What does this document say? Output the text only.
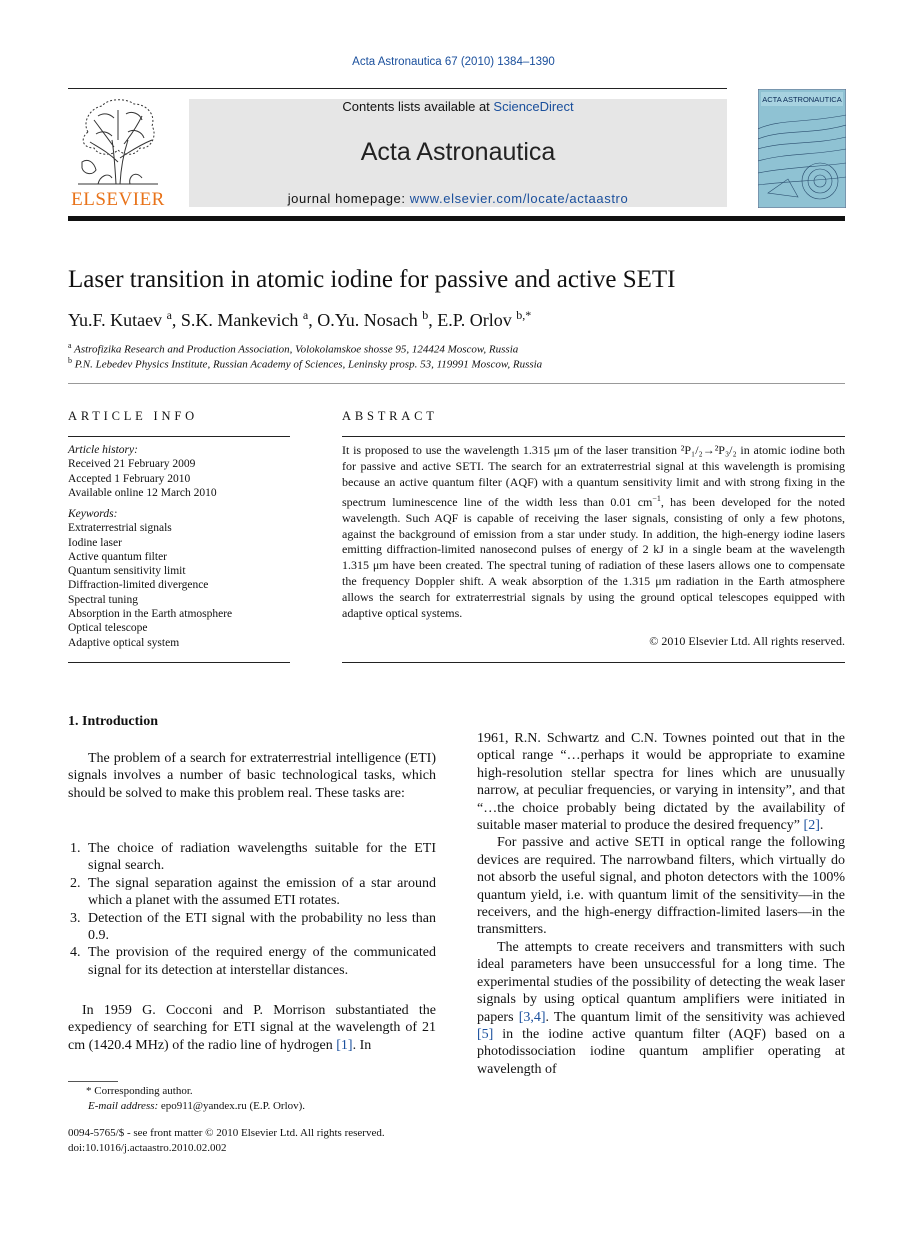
Acta Astronautica 67 (2010) 1384–1390
Contents lists available at ScienceDirect
Acta Astronautica
journal homepage: www.elsevier.com/locate/actaastro
ELSEVIER
ACTA ASTRONAUTICA
Laser transition in atomic iodine for passive and active SETI
Yu.F. Kutaev $^a$, S.K. Mankevich $^a$, O.Yu. Nosach $^b$, E.P. Orlov $^{b,*}$
$^a$ Astrofizika Research and Production Association, Volokolamskoe shosse 95, 124424 Moscow, Russia
$^b$ P.N. Lebedev Physics Institute, Russian Academy of Sciences, Leninsky prosp. 53, 119991 Moscow, Russia
ARTICLE INFO
Article history:
Received 21 February 2009
Accepted 1 February 2010
Available online 12 March 2010
Keywords:
Extraterrestrial signals
Iodine laser
Active quantum filter
Quantum sensitivity limit
Diffraction-limited divergence
Spectral tuning
Absorption in the Earth atmosphere
Optical telescope
Adaptive optical system
ABSTRACT
It is proposed to use the wavelength 1.315 μm of the laser transition ²P₁/₂→²P₃/₂ in atomic iodine both for passive and active SETI. The search for an extraterrestrial signal at this wavelength is promising because an active quantum filter (AQF) with a quantum sensitivity limit and with strong fixing in the spectrum luminescence line of the width less than 0.01 $cm^{-1}$, has been developed for the noted wavelength. Such AQF is capable of receiving the laser signals, consisting of only a few photons, against the background of emission from a star under study. In addition, the high-energy iodine lasers emitting diffraction-limited nanosecond pulses of energy of 2 kJ in a single beam at the wavelength 1.315 μm have been created. The spectral tuning of radiation of these lasers allows one to compensate the frequency Doppler shift. A weak absorption of the 1.315 μm radiation in the Earth atmosphere allows the search for extraterrestrial signals by using the ground optical telescopes equipped with adaptive optical systems.
© 2010 Elsevier Ltd. All rights reserved.
1. Introduction
The problem of a search for extraterrestrial intelligence (ETI) signals involves a number of basic technological tasks, which should be solved to make this problem real. These tasks are:

1. The choice of radiation wavelengths suitable for the ETI signal search.

2. The signal separation against the emission of a star around which a planet with the assumed ETI rotates.

3. Detection of the ETI signal with the probability no less than 0.9.

4. The provision of the required energy of the communicated signal for its detection at interstellar distances.

In 1959 G. Cocconi and P. Morrison substantiated the expediency of searching for ETI signal at the wavelength of 21 cm (1420.4 MHz) of the radio line of hydrogen [1]. In

1961, R.N. Schwartz and C.N. Townes pointed out that in the optical range “…perhaps it would be appropriate to examine high-resolution stellar spectra for lines which are unusually narrow, at peculiar frequencies, or varying in intensity”, and that “…the choice probably being dictated by the availability of suitable maser material to produce the desired frequency” [2].

For passive and active SETI in optical range the following devices are required. The narrowband filters, which virtually do not absorb the useful signal, and photon detectors with the 100% quantum yield, i.e. with quantum limit of the sensitivity—in the receivers, and the high-energy diffraction-limited lasers—in the transmitters.

The attempts to create receivers and transmitters with such ideal parameters have been unsuccessful for a long time. The experimental studies of the possibility of detecting the weak laser signals by using optical quantum amplifiers were initiated in papers [3,4]. The quantum limit of the sensitivity was achieved [5] in the iodine active quantum filter (AQF) based on a photodissociation iodine quantum amplifier operating at wavelength of

* Corresponding author.
E-mail address: epo911@yandex.ru (E.P. Orlov).
0094-5765/$ - see front matter © 2010 Elsevier Ltd. All rights reserved.
doi:10.1016/j.actaastro.2010.02.002
